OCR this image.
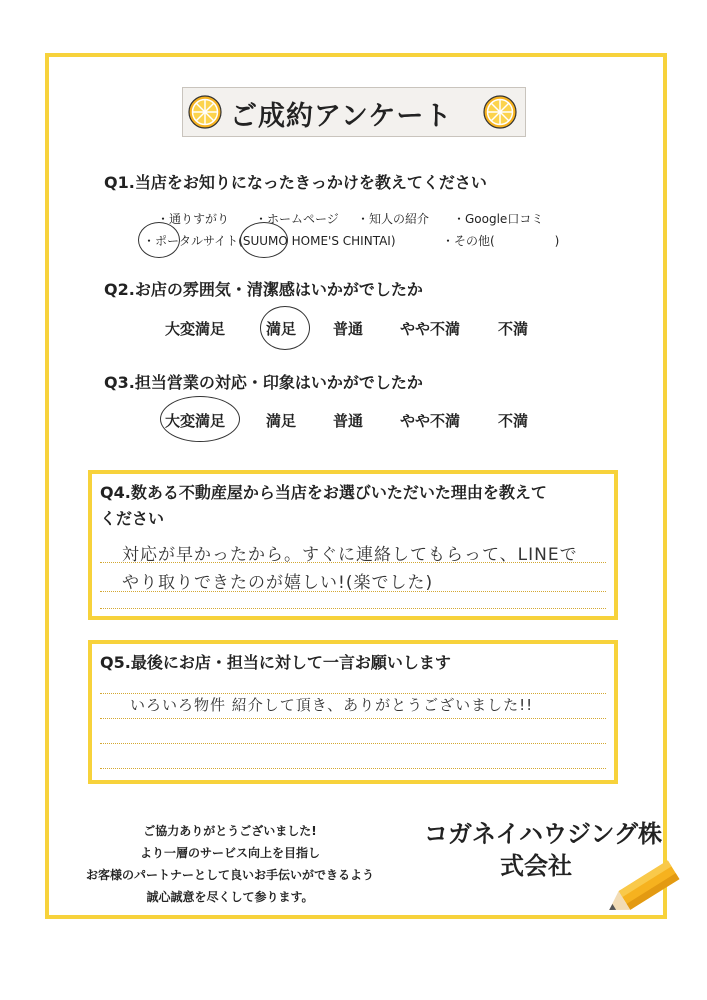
ご成約アンケート
Q1.当店をお知りになったきっかけを教えてください
・通りすがり ・ホームページ ・知人の紹介 ・Google口コミ
・ポータルサイト(SUUMO HOME'S CHINTAI)	・その他(　　　　　)
Q2.お店の雰囲気・清潔感はいかがでしたか
大変満足	満足 普通 やや不満	不満
Q3.担当営業の対応・印象はいかがでしたか
大変満足	満足 普通 やや不満	不満
Q4.数ある不動産屋から当店をお選びいただいた理由を教えて
ください
対応が早かったから。すぐに連絡してもらって、LINEで
やり取りできたのが嬉しい!(楽でした)
Q5.最後にお店・担当に対して一言お願いします
いろいろ物件 紹介して頂き、ありがとうございました!!
ご協力ありがとうございました!
より一層のサービス向上を目指し
お客様のパートナーとして良いお手伝いができるよう
誠心誠意を尽くして参ります。
コガネイハウジング株
式会社
